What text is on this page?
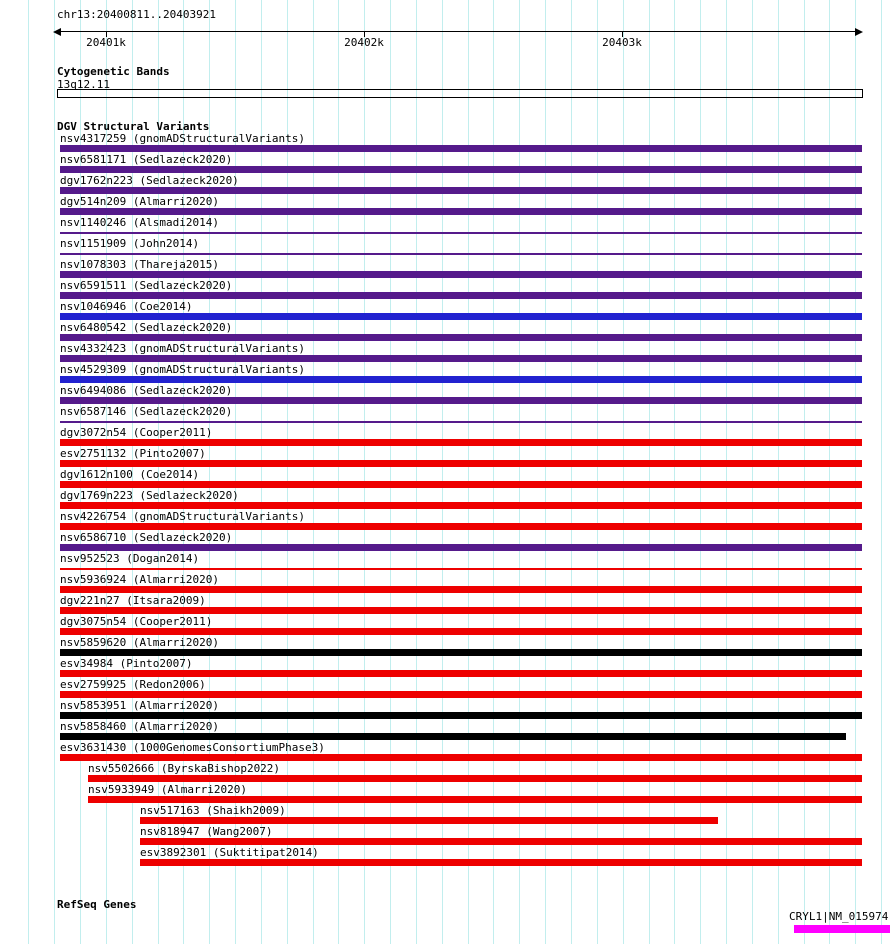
chr13:20400811..20403921
20401k	20402k	20403k
Cytogenetic Bands
13q12.11
DGV Structural Variants
nsv4317259 (gnomADStructuralVariants)
nsv6581171 (Sedlazeck2020)
dgv1762n223 (Sedlazeck2020)
dgv514n209 (Almarri2020)
nsv1140246 (Alsmadi2014)
nsv1151909 (John2014)
nsv1078303 (Thareja2015)
nsv6591511 (Sedlazeck2020)
nsv1046946 (Coe2014)
nsv6480542 (Sedlazeck2020)
nsv4332423 (gnomADStructuralVariants)
nsv4529309 (gnomADStructuralVariants)
nsv6494086 (Sedlazeck2020)
nsv6587146 (Sedlazeck2020)
dgv3072n54 (Cooper2011)
esv2751132 (Pinto2007)
dgv1612n100 (Coe2014)
dgv1769n223 (Sedlazeck2020)
nsv4226754 (gnomADStructuralVariants)
nsv6586710 (Sedlazeck2020)
nsv952523 (Dogan2014)
nsv5936924 (Almarri2020)
dgv221n27 (Itsara2009)
dgv3075n54 (Cooper2011)
nsv5859620 (Almarri2020)
esv34984 (Pinto2007)
esv2759925 (Redon2006)
nsv5853951 (Almarri2020)
nsv5858460 (Almarri2020)
esv3631430 (1000GenomesConsortiumPhase3)
nsv5502666 (ByrskaBishop2022)
nsv5933949 (Almarri2020)
nsv517163 (Shaikh2009)
nsv818947 (Wang2007)
esv3892301 (Suktitipat2014)
RefSeq Genes
CRYL1|NM_015974
